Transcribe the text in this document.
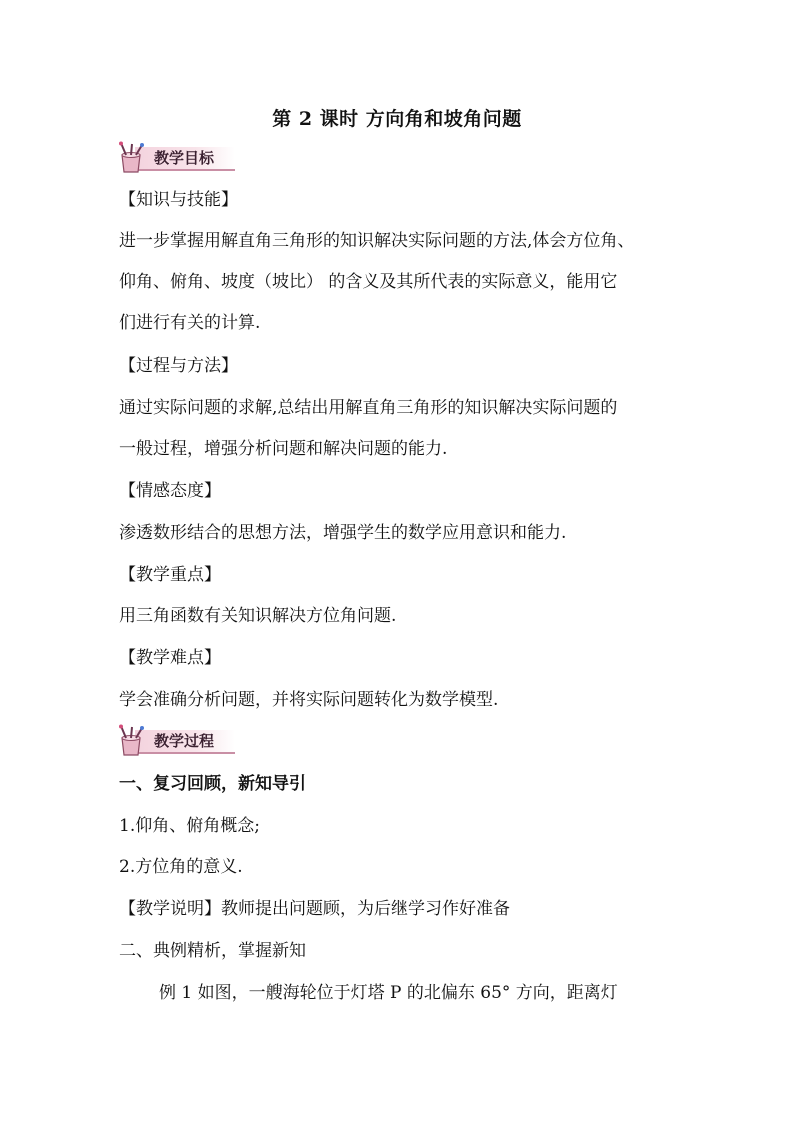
第 2 课时 方向角和坡角问题
教学目标
【知识与技能】
进一步掌握用解直角三角形的知识解决实际问题的方法,体会方位角、
仰角、俯角、坡度（坡比） 的含义及其所代表的实际意义，能用它
们进行有关的计算.
【过程与方法】
通过实际问题的求解,总结出用解直角三角形的知识解决实际问题的
一般过程，增强分析问题和解决问题的能力.
【情感态度】
渗透数形结合的思想方法，增强学生的数学应用意识和能力.
【教学重点】
用三角函数有关知识解决方位角问题.
【教学难点】
学会准确分析问题，并将实际问题转化为数学模型.
教学过程
一、复习回顾，新知导引
1.仰角、俯角概念;
2.方位角的意义.
【教学说明】教师提出问题顾，为后继学习作好准备
二、典例精析，掌握新知
例 1 如图，一艘海轮位于灯塔 P 的北偏东 65° 方向，距离灯
